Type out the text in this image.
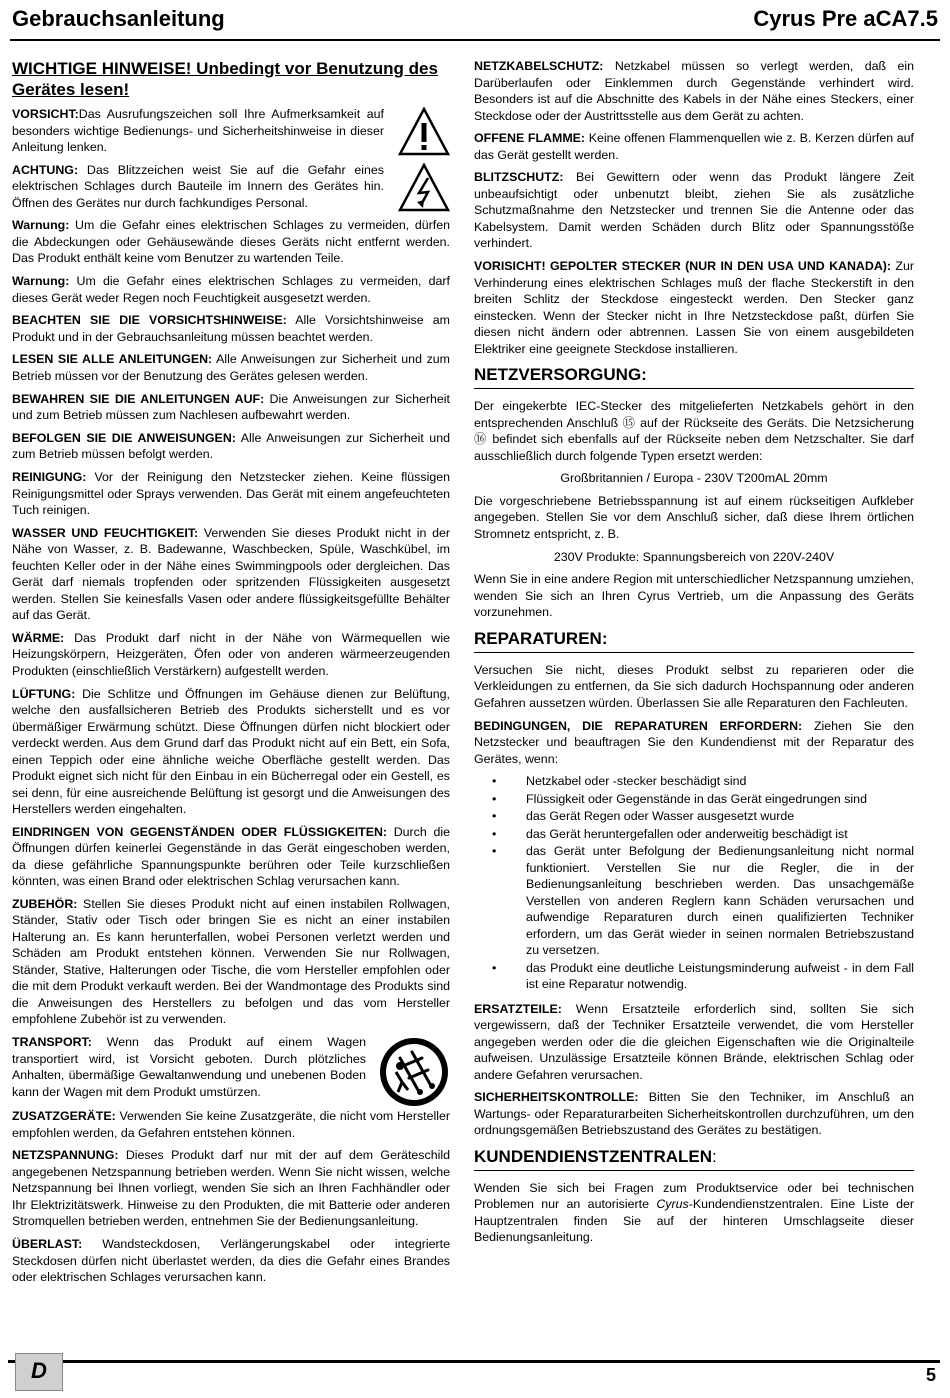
Gebrauchsanleitung	Cyrus Pre aCA7.5
WICHTIGE HINWEISE! Unbedingt vor Benutzung des Gerätes lesen!

VORSICHT:Das Ausrufungszeichen soll Ihre Aufmerksamkeit auf besonders wichtige Bedienungs- und Sicherheitshinweise in dieser Anleitung lenken.

ACHTUNG: Das Blitzzeichen weist Sie auf die Gefahr eines elektrischen Schlages durch Bauteile im Innern des Gerätes hin. Öffnen des Gerätes nur durch fachkundiges Personal.

Warnung: Um die Gefahr eines elektrischen Schlages zu vermeiden, dürfen die Abdeckungen oder Gehäusewände dieses Geräts nicht entfernt werden. Das Produkt enthält keine vom Benutzer zu wartenden Teile.

Warnung: Um die Gefahr eines elektrischen Schlages zu vermeiden, darf dieses Gerät weder Regen noch Feuchtigkeit ausgesetzt werden.

BEACHTEN SIE DIE VORSICHTSHINWEISE: Alle Vorsichtshinweise am Produkt und in der Gebrauchsanleitung müssen beachtet werden.

LESEN SIE ALLE ANLEITUNGEN: Alle Anweisungen zur Sicherheit und zum Betrieb müssen vor der Benutzung des Gerätes gelesen werden.

BEWAHREN SIE DIE ANLEITUNGEN AUF: Die Anweisungen zur Sicherheit und zum Betrieb müssen zum Nachlesen aufbewahrt werden.

BEFOLGEN SIE DIE ANWEISUNGEN: Alle Anweisungen zur Sicherheit und zum Betrieb müssen befolgt werden.

REINIGUNG: Vor der Reinigung den Netzstecker ziehen. Keine flüssigen Reinigungsmittel oder Sprays verwenden. Das Gerät mit einem angefeuchteten Tuch reinigen.

WASSER UND FEUCHTIGKEIT: Verwenden Sie dieses Produkt nicht in der Nähe von Wasser, z. B. Badewanne, Waschbecken, Spüle, Waschkübel, im feuchten Keller oder in der Nähe eines Swimmingpools oder dergleichen. Das Gerät darf niemals tropfenden oder spritzenden Flüssigkeiten ausgesetzt werden. Stellen Sie keinesfalls Vasen oder andere flüssigkeitsgefüllte Behälter auf das Gerät.

WÄRME: Das Produkt darf nicht in der Nähe von Wärmequellen wie Heizungskörpern, Heizgeräten, Öfen oder von anderen wärmeerzeugenden Produkten (einschließlich Verstärkern) aufgestellt werden.

LÜFTUNG: Die Schlitze und Öffnungen im Gehäuse dienen zur Belüftung, welche den ausfallsicheren Betrieb des Produkts sicherstellt und es vor übermäßiger Erwärmung schützt. Diese Öffnungen dürfen nicht blockiert oder verdeckt werden. Aus dem Grund darf das Produkt nicht auf ein Bett, ein Sofa, einen Teppich oder eine ähnliche weiche Oberfläche gestellt werden. Das Produkt eignet sich nicht für den Einbau in ein Bücherregal oder ein Gestell, es sei denn, für eine ausreichende Belüftung ist gesorgt und die Anweisungen des Herstellers werden eingehalten.

EINDRINGEN VON GEGENSTÄNDEN ODER FLÜSSIGKEITEN: Durch die Öffnungen dürfen keinerlei Gegenstände in das Gerät eingeschoben werden, da diese gefährliche Spannungspunkte berühren oder Teile kurzschließen könnten, was einen Brand oder elektrischen Schlag verursachen kann.

ZUBEHÖR: Stellen Sie dieses Produkt nicht auf einen instabilen Rollwagen, Ständer, Stativ oder Tisch oder bringen Sie es nicht an einer instabilen Halterung an. Es kann herunterfallen, wobei Personen verletzt werden und Schäden am Produkt entstehen können. Verwenden Sie nur Rollwagen, Ständer, Stative, Halterungen oder Tische, die vom Hersteller empfohlen oder die mit dem Produkt verkauft werden. Bei der Wandmontage des Produkts sind die Anweisungen des Herstellers zu befolgen und das vom Hersteller empfohlene Zubehör ist zu verwenden.

TRANSPORT: Wenn das Produkt auf einem Wagen transportiert wird, ist Vorsicht geboten. Durch plötzliches Anhalten, übermäßige Gewaltanwendung und unebenen Boden kann der Wagen mit dem Produkt umstürzen.

ZUSATZGERÄTE: Verwenden Sie keine Zusatzgeräte, die nicht vom Hersteller empfohlen werden, da Gefahren entstehen können.

NETZSPANNUNG: Dieses Produkt darf nur mit der auf dem Geräteschild angegebenen Netzspannung betrieben werden. Wenn Sie nicht wissen, welche Netzspannung bei Ihnen vorliegt, wenden Sie sich an Ihren Fachhändler oder Ihr Elektrizitätswerk. Hinweise zu den Produkten, die mit Batterie oder anderen Stromquellen betrieben werden, entnehmen Sie der Bedienungsanleitung.

ÜBERLAST: Wandsteckdosen, Verlängerungskabel oder integrierte Steckdosen dürfen nicht überlastet werden, da dies die Gefahr eines Brandes oder elektrischen Schlages verursachen kann.

NETZKABELSCHUTZ: Netzkabel müssen so verlegt werden, daß ein Darüberlaufen oder Einklemmen durch Gegenstände verhindert wird. Besonders ist auf die Abschnitte des Kabels in der Nähe eines Steckers, einer Steckdose oder der Austrittsstelle aus dem Gerät zu achten.

OFFENE FLAMME: Keine offenen Flammenquellen wie z. B. Kerzen dürfen auf das Gerät gestellt werden.

BLITZSCHUTZ: Bei Gewittern oder wenn das Produkt längere Zeit unbeaufsichtigt oder unbenutzt bleibt, ziehen Sie als zusätzliche Schutzmaßnahme den Netzstecker und trennen Sie die Antenne oder das Kabelsystem. Damit werden Schäden durch Blitz oder Spannungsstöße verhindert.

VORISICHT! GEPOLTER STECKER (NUR IN DEN USA UND KANADA): Zur Verhinderung eines elektrischen Schlages muß der flache Steckerstift in den breiten Schlitz der Steckdose eingesteckt werden. Den Stecker ganz einstecken. Wenn der Stecker nicht in Ihre Netzsteckdose paßt, dürfen Sie diesen nicht ändern oder abtrennen. Lassen Sie von einem ausgebildeten Elektriker eine geeignete Steckdose installieren.

NETZVERSORGUNG:

Der eingekerbte IEC-Stecker des mitgelieferten Netzkabels gehört in den entsprechenden Anschluß ⑮ auf der Rückseite des Geräts. Die Netzsicherung ⑯ befindet sich ebenfalls auf der Rückseite neben dem Netzschalter. Sie darf ausschließlich durch folgende Typen ersetzt werden:

Großbritannien / Europa - 230V T200mAL 20mm

Die vorgeschriebene Betriebsspannung ist auf einem rückseitigen Aufkleber angegeben. Stellen Sie vor dem Anschluß sicher, daß diese Ihrem örtlichen Stromnetz entspricht, z. B.

230V Produkte: Spannungsbereich von 220V-240V

Wenn Sie in eine andere Region mit unterschiedlicher Netzspannung umziehen, wenden Sie sich an Ihren Cyrus Vertrieb, um die Anpassung des Geräts vorzunehmen.

REPARATUREN:

Versuchen Sie nicht, dieses Produkt selbst zu reparieren oder die Verkleidungen zu entfernen, da Sie sich dadurch Hochspannung oder anderen Gefahren aussetzen würden. Überlassen Sie alle Reparaturen den Fachleuten.

BEDINGUNGEN, DIE REPARATUREN ERFORDERN: Ziehen Sie den Netzstecker und beauftragen Sie den Kundendienst mit der Reparatur des Gerätes, wenn:

• Netzkabel oder -stecker beschädigt sind
• Flüssigkeit oder Gegenstände in das Gerät eingedrungen sind
• das Gerät Regen oder Wasser ausgesetzt wurde
• das Gerät heruntergefallen oder anderweitig beschädigt ist
• das Gerät unter Befolgung der Bedienungsanleitung nicht normal funktioniert. Verstellen Sie nur die Regler, die in der Bedienungsanleitung beschrieben werden. Das unsachgemäße Verstellen von anderen Reglern kann Schäden verursachen und aufwendige Reparaturen durch einen qualifizierten Techniker erfordern, um das Gerät wieder in seinen normalen Betriebszustand zu versetzen.
• das Produkt eine deutliche Leistungsminderung aufweist - in dem Fall ist eine Reparatur notwendig.

ERSATZTEILE: Wenn Ersatzteile erforderlich sind, sollten Sie sich vergewissern, daß der Techniker Ersatzteile verwendet, die vom Hersteller angegeben werden oder die die gleichen Eigenschaften wie die Originalteile aufweisen. Unzulässige Ersatzteile können Brände, elektrischen Schlag oder andere Gefahren verursachen.

SICHERHEITSKONTROLLE: Bitten Sie den Techniker, im Anschluß an Wartungs- oder Reparaturarbeiten Sicherheitskontrollen durchzuführen, um den ordnungsgemäßen Betriebszustand des Gerätes zu bestätigen.

KUNDENDIENSTZENTRALEN:

Wenden Sie sich bei Fragen zum Produktservice oder bei technischen Problemen nur an autorisierte Cyrus-Kundendienstzentralen. Eine Liste der Hauptzentralen finden Sie auf der hinteren Umschlagseite dieser Bedienungsanleitung.

D	5
